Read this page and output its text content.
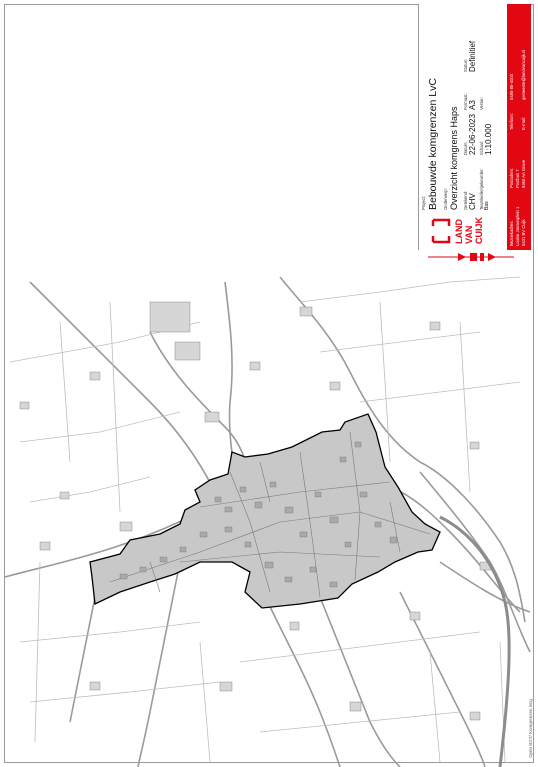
LAND VAN CUIJK
Project: Bebouwde komgrenzen LvC Onderwerp: Overzicht komgrens Haps Getekend: CHV Teamleider/gekeurder: Bas
Datum: 22-06-2023 Schaal: 1:10.000
Formaat: A3 Versie:
Status: Definitief
Bezoekadres: Louise Jansenplein 1 5431 BV Cuijk
Postadres: Postbus 7 5360 AA Grave
Telefoon:
0485-85-4000
E-mail:
gemeente@landvancuijk.nl
Open BGT/ Komgrenzen lvcg
